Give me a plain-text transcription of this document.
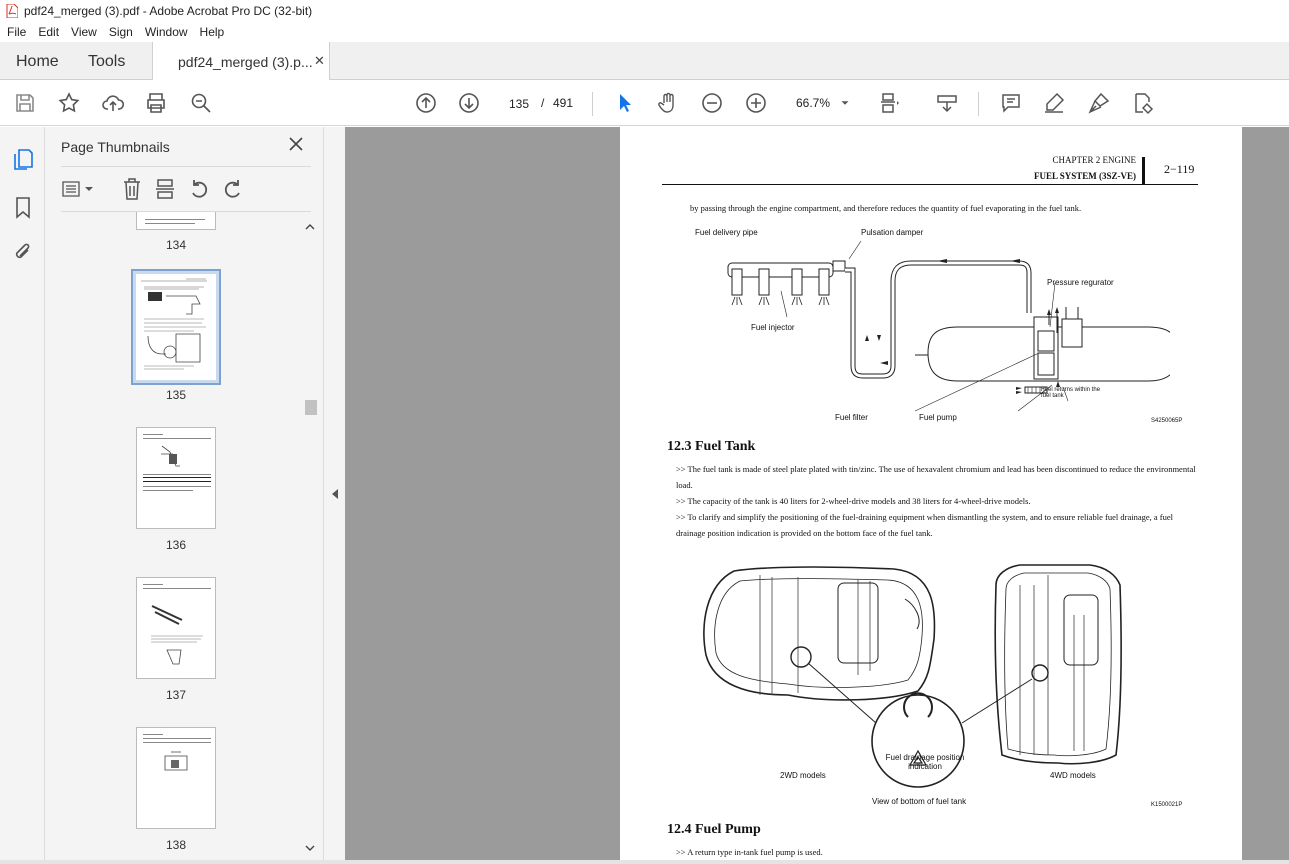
pdf24_merged (3).pdf - Adobe Acrobat Pro DC (32-bit)
File	Edit	View	Sign	Window	Help
Home Tools	pdf24_merged (3).p... ✕
135 / 491	66.7%
Page Thumbnails
134
135
136
137
138
CHAPTER 2 ENGINE
FUEL SYSTEM (3SZ-VE) 2−119
by passing through the engine compartment, and therefore reduces the quantity of fuel evaporating in the fuel tank.
Fuel delivery pipe	Pulsation damper
Pressure regurator
Fuel injector
Fuel returns within the fuel tank
Fuel filter	Fuel pump	S4250065P
12.3 Fuel Tank
>> The fuel tank is made of steel plate plated with tin/zinc. The use of hexavalent chromium and lead has been discontinued to reduce the environmental load.
>> The capacity of the tank is 40 liters for 2-wheel-drive models and 38 liters for 4-wheel-drive models.
>> To clarify and simplify the positioning of the fuel-draining equipment when dismantling the system, and to ensure reliable fuel drainage, a fuel drainage position indication is provided on the bottom face of the fuel tank.
Fuel drainage position indication
2WD models	4WD models
View of bottom of fuel tank	K1500021P
12.4 Fuel Pump
>> A return type in-tank fuel pump is used.
